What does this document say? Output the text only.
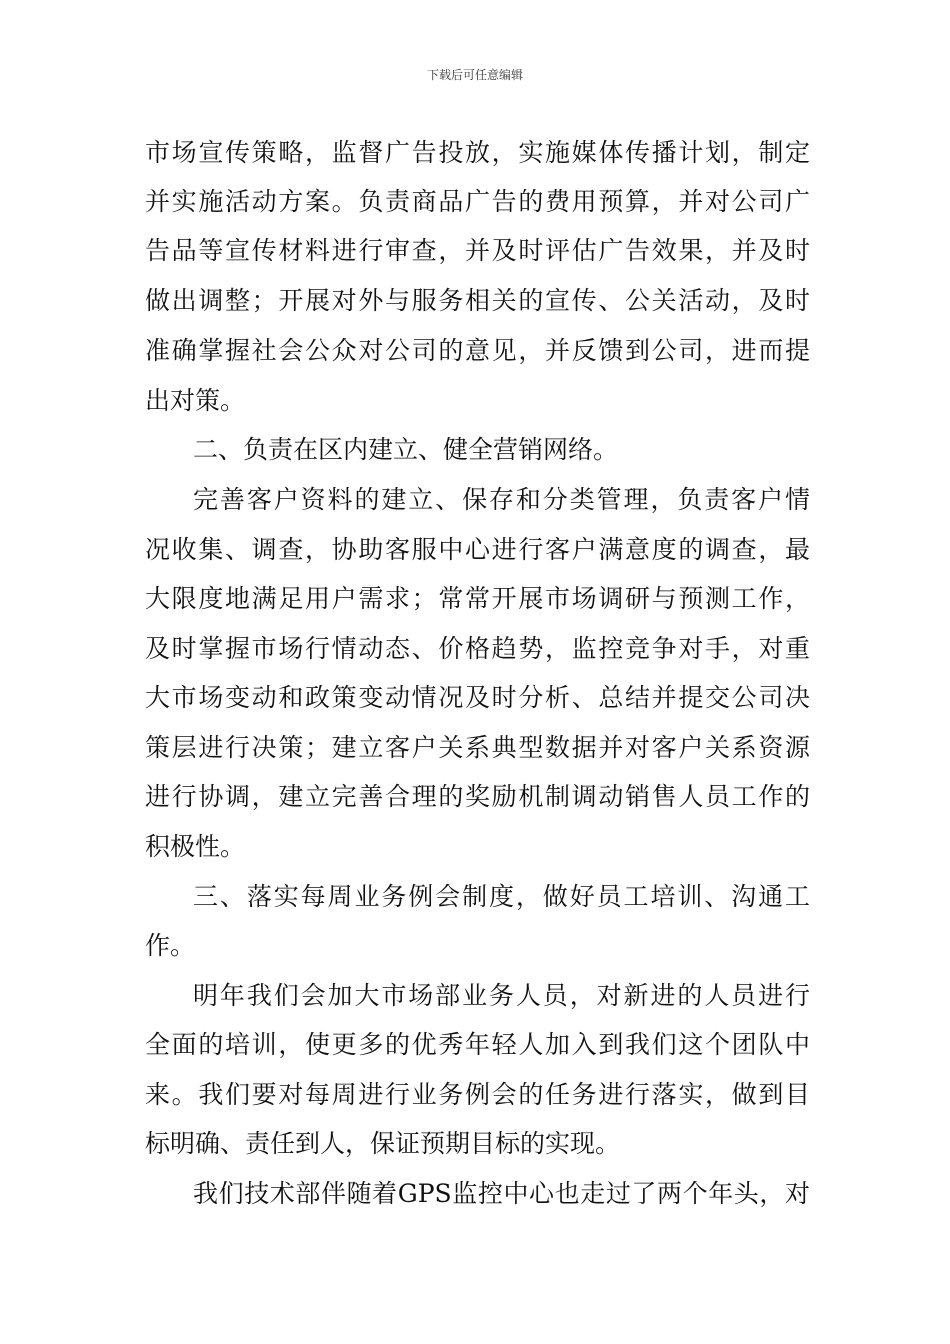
下载后可任意编辑
市场宣传策略，监督广告投放，实施媒体传播计划，制定
并实施活动方案。负责商品广告的费用预算，并对公司广
告品等宣传材料进行审查，并及时评估广告效果，并及时
做出调整；开展对外与服务相关的宣传、公关活动，及时
准确掌握社会公众对公司的意见，并反馈到公司，进而提
出对策。
二、负责在区内建立、健全营销网络。
完善客户资料的建立、保存和分类管理，负责客户情
况收集、调查，协助客服中心进行客户满意度的调查，最
大限度地满足用户需求；常常开展市场调研与预测工作，
及时掌握市场行情动态、价格趋势，监控竞争对手，对重
大市场变动和政策变动情况及时分析、总结并提交公司决
策层进行决策；建立客户关系典型数据并对客户关系资源
进行协调，建立完善合理的奖励机制调动销售人员工作的
积极性。
三、落实每周业务例会制度，做好员工培训、沟通工
作。
明年我们会加大市场部业务人员，对新进的人员进行
全面的培训，使更多的优秀年轻人加入到我们这个团队中
来。我们要对每周进行业务例会的任务进行落实，做到目
标明确、责任到人，保证预期目标的实现。
我们技术部伴随着GPS监控中心也走过了两个年头，对
